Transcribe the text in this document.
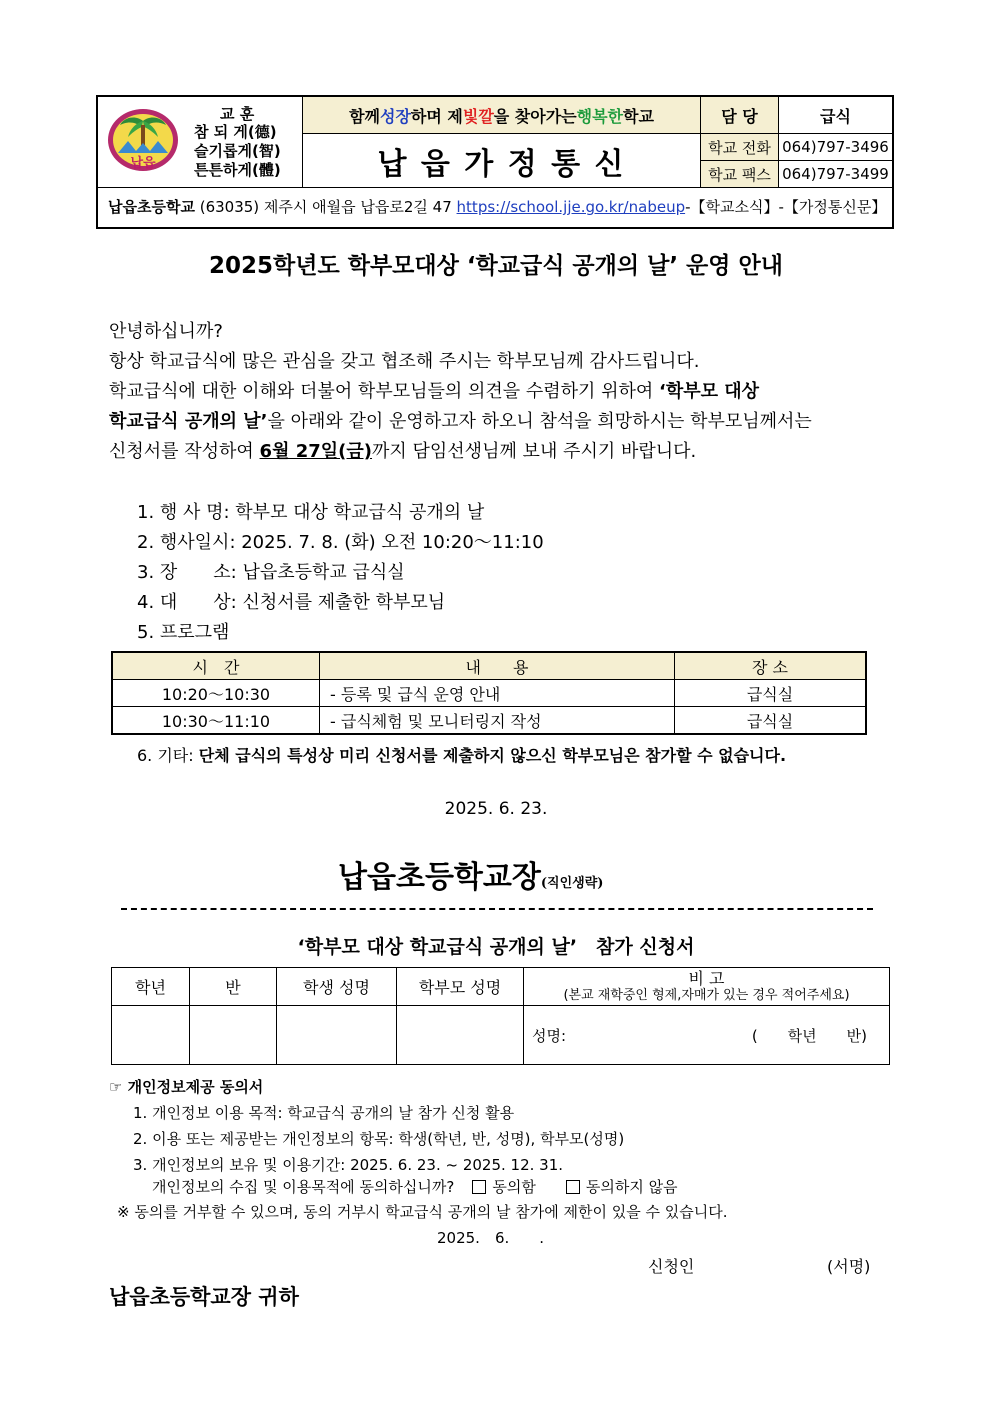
납읍
교 훈
참 되 게(德)
슬기롭게(智)
튼튼하게(體)
함께 성장 하며 제 빛깔 을 찾아가는 행복한 학교
납 읍 가 정 통 신
담 당	급식
학교 전화 064)797-3496
학교 팩스 064)797-3499
납읍초등학교 (63035) 제주시 애월읍 납읍로2길 47 https://school.jje.go.kr/nabeup-【학교소식】-【가정통신문】
2025학년도 학부모대상 ‘학교급식 공개의 날’ 운영 안내
안녕하십니까?
항상 학교급식에 많은 관심을 갖고 협조해 주시는 학부모님께 감사드립니다.
학교급식에 대한 이해와 더불어 학부모님들의 의견을 수렴하기 위하여 ‘학부모 대상
학교급식 공개의 날’을 아래와 같이 운영하고자 하오니 참석을 희망하시는 학부모님께서는
신청서를 작성하여 6월 27일(금)까지 담임선생님께 보내 주시기 바랍니다.
1. 행 사 명: 학부모 대상 학교급식 공개의 날
2. 행사일시: 2025. 7. 8. (화) 오전 10:20～11:10
3. 장　　소: 납읍초등학교 급식실
4. 대　　상: 신청서를 제출한 학부모님
5. 프로그램
시　간	내　　용	장 소
10:20～10:30	- 등록 및 급식 운영 안내	급식실
10:30～11:10	- 급식체험 및 모니터링지 작성	급식실
6. 기타: 단체 급식의 특성상 미리 신청서를 제출하지 않으신 학부모님은 참가할 수 없습니다.
2025. 6. 23.
납읍초등학교장(직인생략)
‘학부모 대상 학교급식 공개의 날’　참가 신청서
학년	반	학생 성명	학부모 성명	비 고
(본교 재학중인 형제,자매가 있는 경우 적어주세요)

				성명: (　　학년　　반)
☞ 개인정보제공 동의서
1. 개인정보 이용 목적: 학교급식 공개의 날 참가 신청 활용
2. 이용 또는 제공받는 개인정보의 항목: 학생(학년, 반, 성명), 학부모(성명)
3. 개인정보의 보유 및 이용기간: 2025. 6. 23. ~ 2025. 12. 31.
개인정보의 수집 및 이용목적에 동의하십니까?	동의함	동의하지 않음
※ 동의를 거부할 수 있으며, 동의 거부시 학교급식 공개의 날 참가에 제한이 있을 수 있습니다.
2025.　6.　　.
신청인	(서명)
납읍초등학교장 귀하
